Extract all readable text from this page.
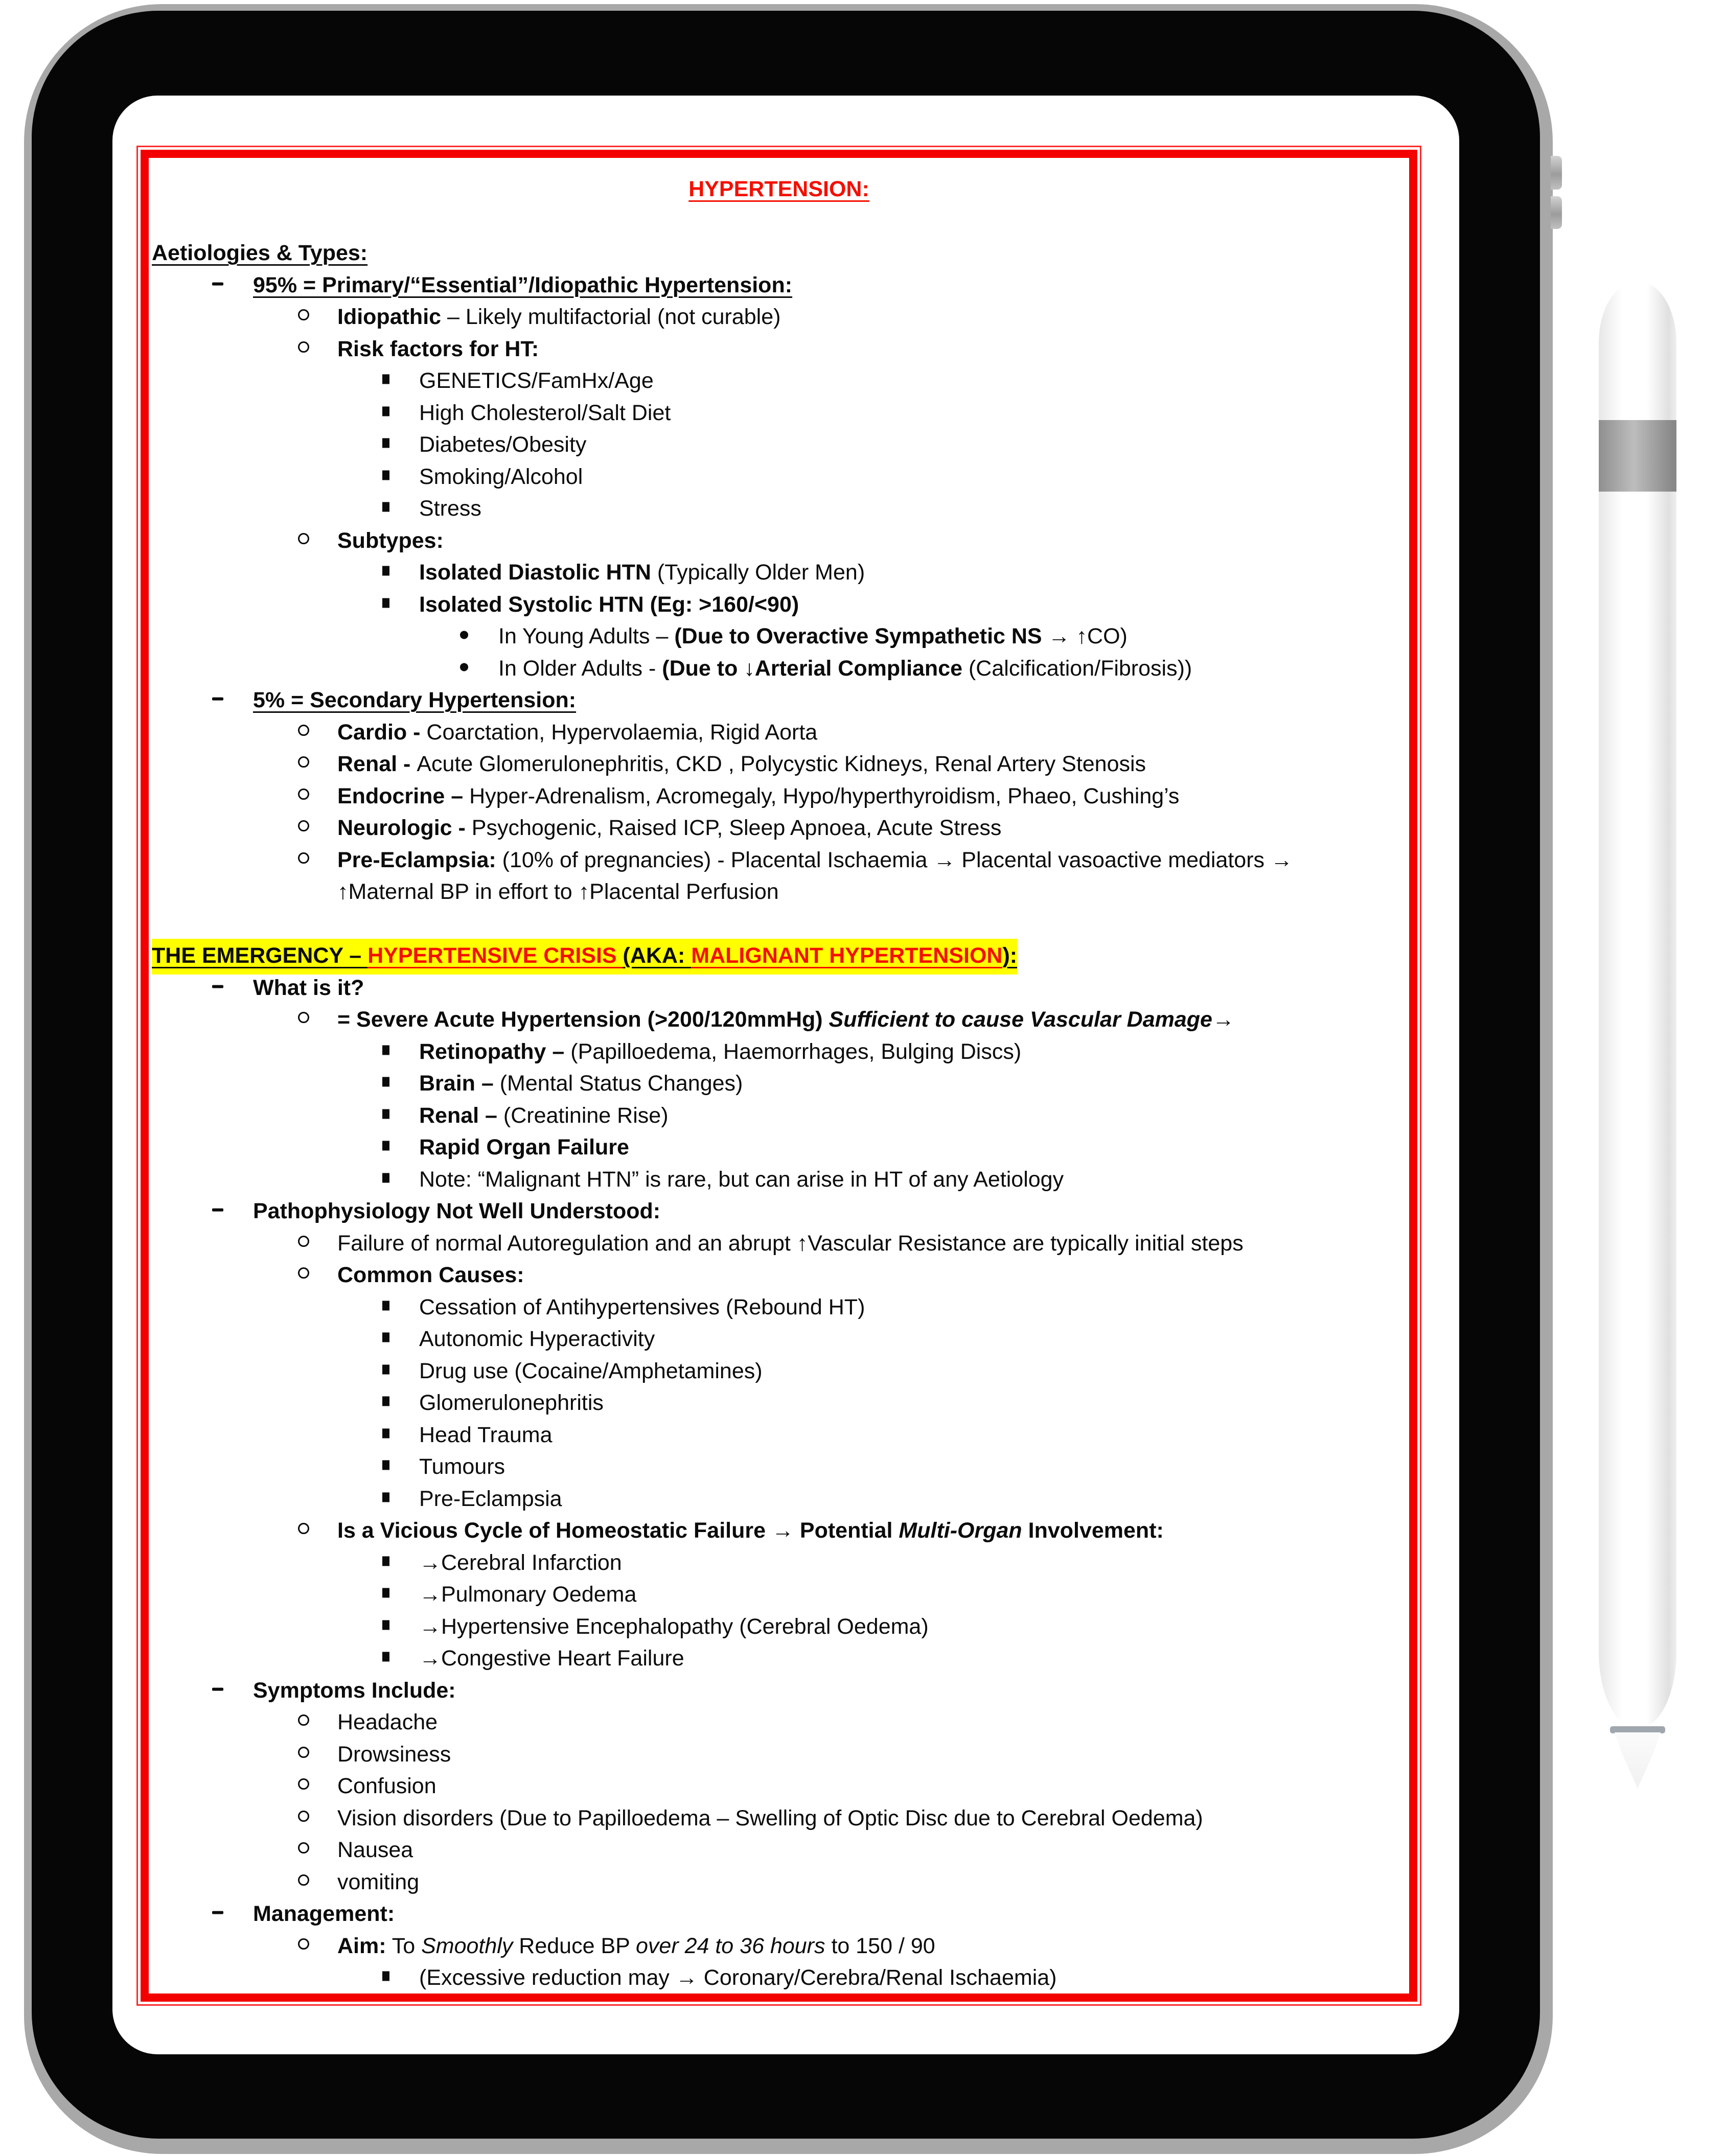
HYPERTENSION:
Aetiologies & Types:
95% = Primary/“Essential”/Idiopathic Hypertension:
Idiopathic – Likely multifactorial (not curable)
Risk factors for HT:
GENETICS/FamHx/Age
High Cholesterol/Salt Diet
Diabetes/Obesity
Smoking/Alcohol
Stress
Subtypes:
Isolated Diastolic HTN (Typically Older Men)
Isolated Systolic HTN (Eg: >160/<90)
In Young Adults – (Due to Overactive Sympathetic NS → ↑CO)
In Older Adults - (Due to ↓Arterial Compliance (Calcification/Fibrosis))
5% = Secondary Hypertension:
Cardio - Coarctation, Hypervolaemia, Rigid Aorta
Renal - Acute Glomerulonephritis, CKD , Polycystic Kidneys, Renal Artery Stenosis
Endocrine – Hyper-Adrenalism, Acromegaly, Hypo/hyperthyroidism, Phaeo, Cushing’s
Neurologic - Psychogenic, Raised ICP, Sleep Apnoea, Acute Stress
Pre-Eclampsia: (10% of pregnancies) - Placental Ischaemia → Placental vasoactive mediators →
↑Maternal BP in effort to ↑Placental Perfusion
THE EMERGENCY – HYPERTENSIVE CRISIS (AKA: MALIGNANT HYPERTENSION):
What is it?
= Severe Acute Hypertension (>200/120mmHg) Sufficient to cause Vascular Damage→
Retinopathy – (Papilloedema, Haemorrhages, Bulging Discs)
Brain – (Mental Status Changes)
Renal – (Creatinine Rise)
Rapid Organ Failure
Note: “Malignant HTN” is rare, but can arise in HT of any Aetiology
Pathophysiology Not Well Understood:
Failure of normal Autoregulation and an abrupt ↑Vascular Resistance are typically initial steps
Common Causes:
Cessation of Antihypertensives (Rebound HT)
Autonomic Hyperactivity
Drug use (Cocaine/Amphetamines)
Glomerulonephritis
Head Trauma
Tumours
Pre-Eclampsia
Is a Vicious Cycle of Homeostatic Failure → Potential Multi-Organ Involvement:
→Cerebral Infarction
→Pulmonary Oedema
→Hypertensive Encephalopathy (Cerebral Oedema)
→Congestive Heart Failure
Symptoms Include:
Headache
Drowsiness
Confusion
Vision disorders (Due to Papilloedema – Swelling of Optic Disc due to Cerebral Oedema)
Nausea
vomiting
Management:
Aim: To Smoothly Reduce BP over 24 to 36 hours to 150 / 90
(Excessive reduction may → Coronary/Cerebra/Renal Ischaemia)
